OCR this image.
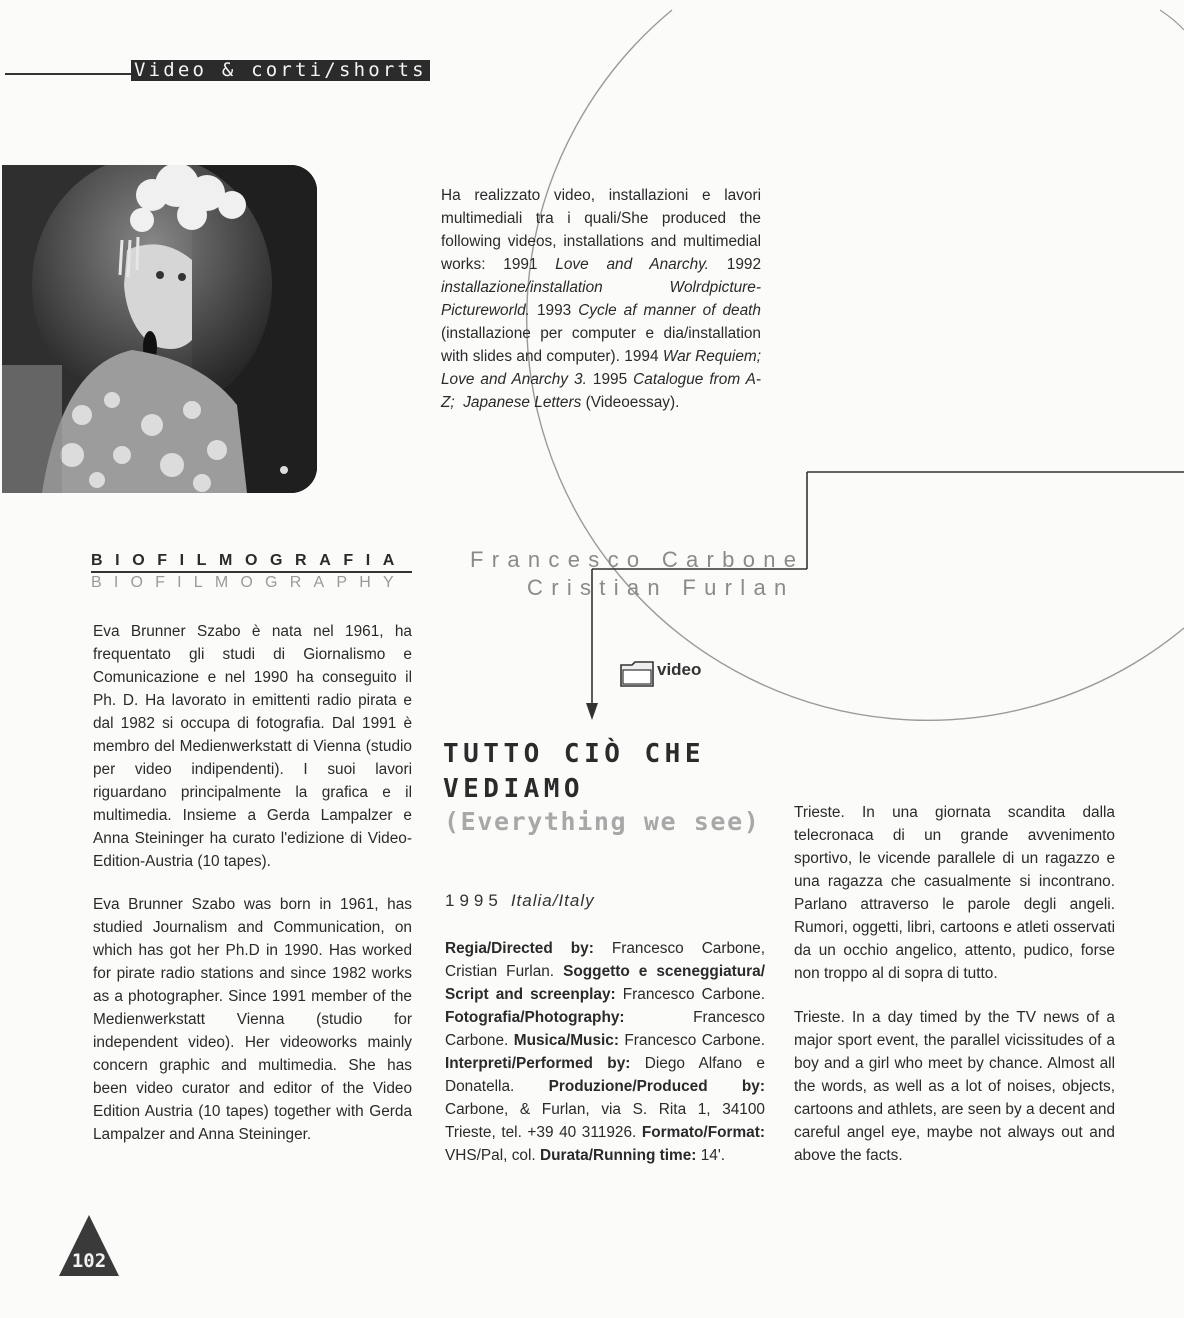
Video & corti/shorts
Ha realizzato video, installazioni e lavori multimediali tra i quali/She produced the following videos, installations and multimedial works: 1991 Love and Anarchy. 1992 installazione/installation Wolrdpicture-Pictureworld. 1993 Cycle af manner of death (installazione per computer e dia/installation with slides and computer). 1994 War Requiem; Love and Anarchy 3. 1995 Catalogue from A-Z;  Japanese Letters (Videoessay).
BIOFILMOGRAFIA
BIOFILMOGRAPHY
Eva Brunner Szabo è nata nel 1961, ha frequentato gli studi di Giornalismo e Comunicazione e nel 1990 ha conseguito il Ph. D. Ha lavorato in emittenti radio pirata e dal 1982 si occupa di fotografia. Dal 1991 è membro del Medienwerkstatt di Vienna (studio per video indipendenti). I suoi lavori riguardano principalmente la grafica e il multimedia. Insieme a Gerda Lampalzer e Anna Steininger ha curato l'edizione di Video-Edition-Austria (10 tapes).
Eva Brunner Szabo was born in 1961, has studied Journalism and Communication, on which has got her Ph.D in 1990. Has worked for pirate radio stations and since 1982 works as a photographer. Since 1991 member of the Medienwerkstatt Vienna (studio for independent video). Her videoworks mainly concern graphic and multimedia. She has been video curator and editor of the Video Edition Austria (10 tapes) together with Gerda Lampalzer and Anna Steininger.
Francesco Carbone
Cristian Furlan
video
TUTTO CIÒ CHE VEDIAMO
(Everything we see)
1995 Italia/Italy
Regia/Directed by: Francesco Carbone, Cristian Furlan. Soggetto e sceneggiatura/ Script and screenplay: Francesco Carbone. Fotografia/Photography: Francesco Carbone. Musica/Music: Francesco Carbone. Interpreti/Performed by: Diego Alfano e Donatella. Produzione/Produced by: Carbone, & Furlan, via S. Rita 1, 34100 Trieste, tel. +39 40 311926. Formato/Format: VHS/Pal, col. Durata/Running time: 14'.
Trieste. In una giornata scandita dalla telecronaca di un grande avvenimento sportivo, le vicende parallele di un ragazzo e una ragazza che casualmente si incontrano. Parlano attraverso le parole degli angeli. Rumori, oggetti, libri, cartoons e atleti osservati da un occhio angelico, attento, pudico, forse non troppo al di sopra di tutto.
Trieste. In a day timed by the TV news of a major sport event, the parallel vicissitudes of a boy and a girl who meet by chance. Almost all the words, as well as a lot of noises, objects, cartoons and athlets, are seen by a decent and careful angel eye, maybe not always out and above the facts.
102
